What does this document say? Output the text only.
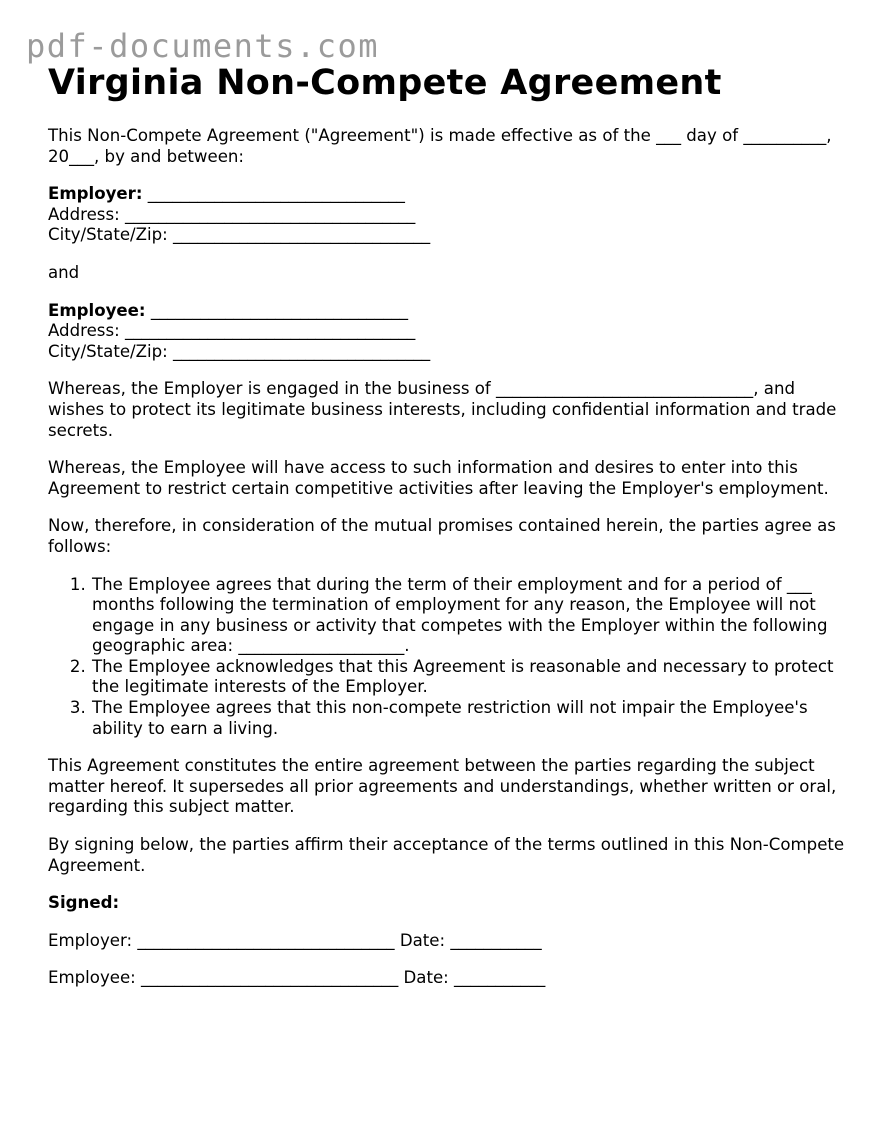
pdf-documents.com
Virginia Non-Compete Agreement

This Non-Compete Agreement ("Agreement") is made effective as of the ___ day of __________, 20___, by and between:

Employer: _______________________________
Address: ___________________________________
City/State/Zip: _______________________________

and

Employee: _______________________________
Address: ___________________________________
City/State/Zip: _______________________________

Whereas, the Employer is engaged in the business of _______________________________, and wishes to protect its legitimate business interests, including confidential information and trade secrets.

Whereas, the Employee will have access to such information and desires to enter into this Agreement to restrict certain competitive activities after leaving the Employer's employment.

Now, therefore, in consideration of the mutual promises contained herein, the parties agree as follows:

1. The Employee agrees that during the term of their employment and for a period of ___ months following the termination of employment for any reason, the Employee will not engage in any business or activity that competes with the Employer within the following geographic area: ____________________.
2. The Employee acknowledges that this Agreement is reasonable and necessary to protect the legitimate interests of the Employer.
3. The Employee agrees that this non-compete restriction will not impair the Employee's ability to earn a living.

This Agreement constitutes the entire agreement between the parties regarding the subject matter hereof. It supersedes all prior agreements and understandings, whether written or oral, regarding this subject matter.

By signing below, the parties affirm their acceptance of the terms outlined in this Non-Compete Agreement.

Signed:

Employer: _______________________________ Date: ___________
Employee: _______________________________ Date: ___________
